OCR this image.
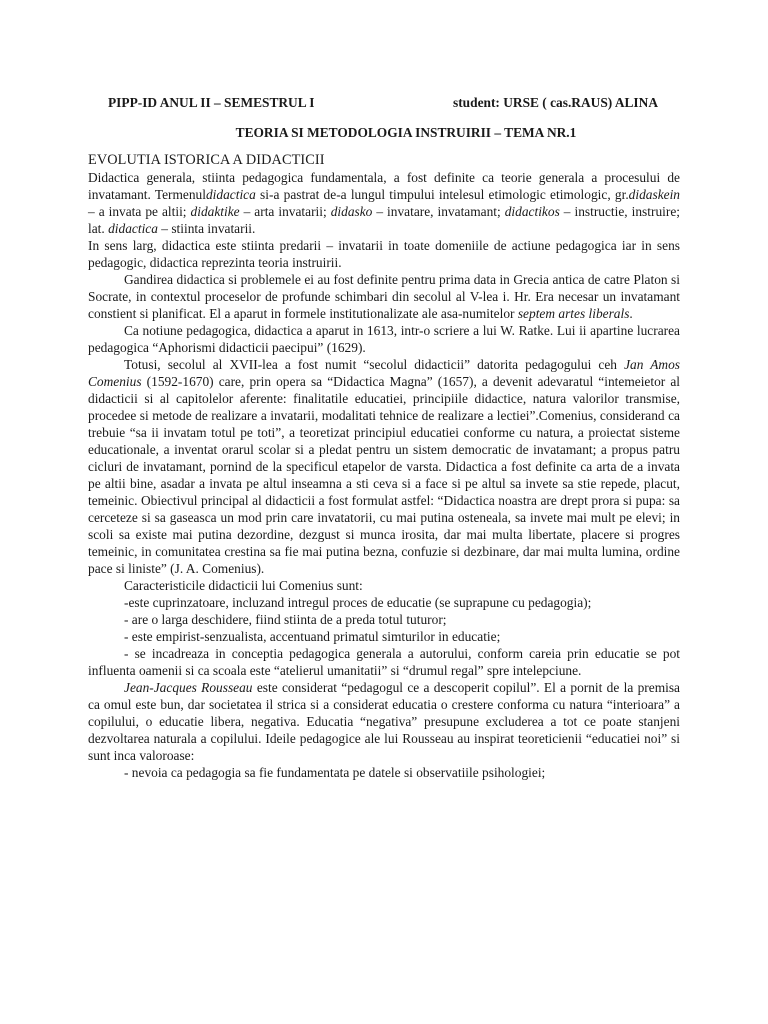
PIPP-ID ANUL II – SEMESTRUL I	student: URSE ( cas.RAUS) ALINA
TEORIA SI METODOLOGIA INSTRUIRII – TEMA NR.1
EVOLUTIA ISTORICA A DIDACTICII

Didactica generala, stiinta pedagogica fundamentala, a fost definite ca teorie generala a procesului de invatamant. Termenuldidactica si-a pastrat de-a lungul timpului intelesul etimologic etimologic, gr.didaskein – a invata pe altii; didaktike – arta invatarii; didasko – invatare, invatamant; didactikos – instructie, instruire; lat. didactica – stiinta invatarii.

In sens larg, didactica este stiinta predarii – invatarii in toate domeniile de actiune pedagogica iar in sens pedagogic, didactica reprezinta teoria instruirii.

Gandirea didactica si problemele ei au fost definite pentru prima data in Grecia antica de catre Platon si Socrate, in contextul proceselor de profunde schimbari din secolul al V-lea i. Hr. Era necesar un invatamant constient si planificat. El a aparut in formele institutionalizate ale asa-numitelor septem artes liberals.

Ca notiune pedagogica, didactica a aparut in 1613, intr-o scriere a lui W. Ratke. Lui ii apartine lucrarea pedagogica “Aphorismi didacticii paecipui” (1629).

Totusi, secolul al XVII-lea a fost numit “secolul didacticii” datorita pedagogului ceh Jan Amos Comenius (1592-1670) care, prin opera sa “Didactica Magna” (1657), a devenit adevaratul “intemeietor al didacticii si al capitolelor aferente: finalitatile educatiei, principiile didactice, natura valorilor transmise, procedee si metode de realizare a invatarii, modalitati tehnice de realizare a lectiei”.Comenius, considerand ca trebuie “sa ii invatam totul pe toti”, a teoretizat principiul educatiei conforme cu natura, a proiectat sisteme educationale, a inventat orarul scolar si a pledat pentru un sistem democratic de invatamant; a propus patru cicluri de invatamant, pornind de la specificul etapelor de varsta. Didactica a fost definite ca arta de a invata pe altii bine, asadar a invata pe altul inseamna a sti ceva si a face si pe altul sa invete sa stie repede, placut, temeinic. Obiectivul principal al didacticii a fost formulat astfel: “Didactica noastra are drept prora si pupa: sa cerceteze si sa gaseasca un mod prin care invatatorii, cu mai putina osteneala, sa invete mai mult pe elevi; in scoli sa existe mai putina dezordine, dezgust si munca irosita, dar mai multa libertate, placere si progres temeinic, in comunitatea crestina sa fie mai putina bezna, confuzie si dezbinare, dar mai multa lumina, ordine pace si liniste” (J. A. Comenius).

Caracteristicile didacticii lui Comenius sunt:

-este cuprinzatoare, incluzand intregul proces de educatie (se suprapune cu pedagogia);

- are o larga deschidere, fiind stiinta de a preda totul tuturor;

- este empirist-senzualista, accentuand primatul simturilor in educatie;

- se incadreaza in conceptia pedagogica generala a autorului, conform careia prin educatie se pot influenta oamenii si ca scoala este “atelierul umanitatii” si “drumul regal” spre intelepciune.

Jean-Jacques Rousseau este considerat “pedagogul ce a descoperit copilul”. El a pornit de la premisa ca omul este bun, dar societatea il strica si a considerat educatia o crestere conforma cu natura “interioara” a copilului, o educatie libera, negativa. Educatia “negativa” presupune excluderea a tot ce poate stanjeni dezvoltarea naturala a copilului. Ideile pedagogice ale lui Rousseau au inspirat teoreticienii “educatiei noi” si sunt inca valoroase:

- nevoia ca pedagogia sa fie fundamentata pe datele si observatiile psihologiei;
